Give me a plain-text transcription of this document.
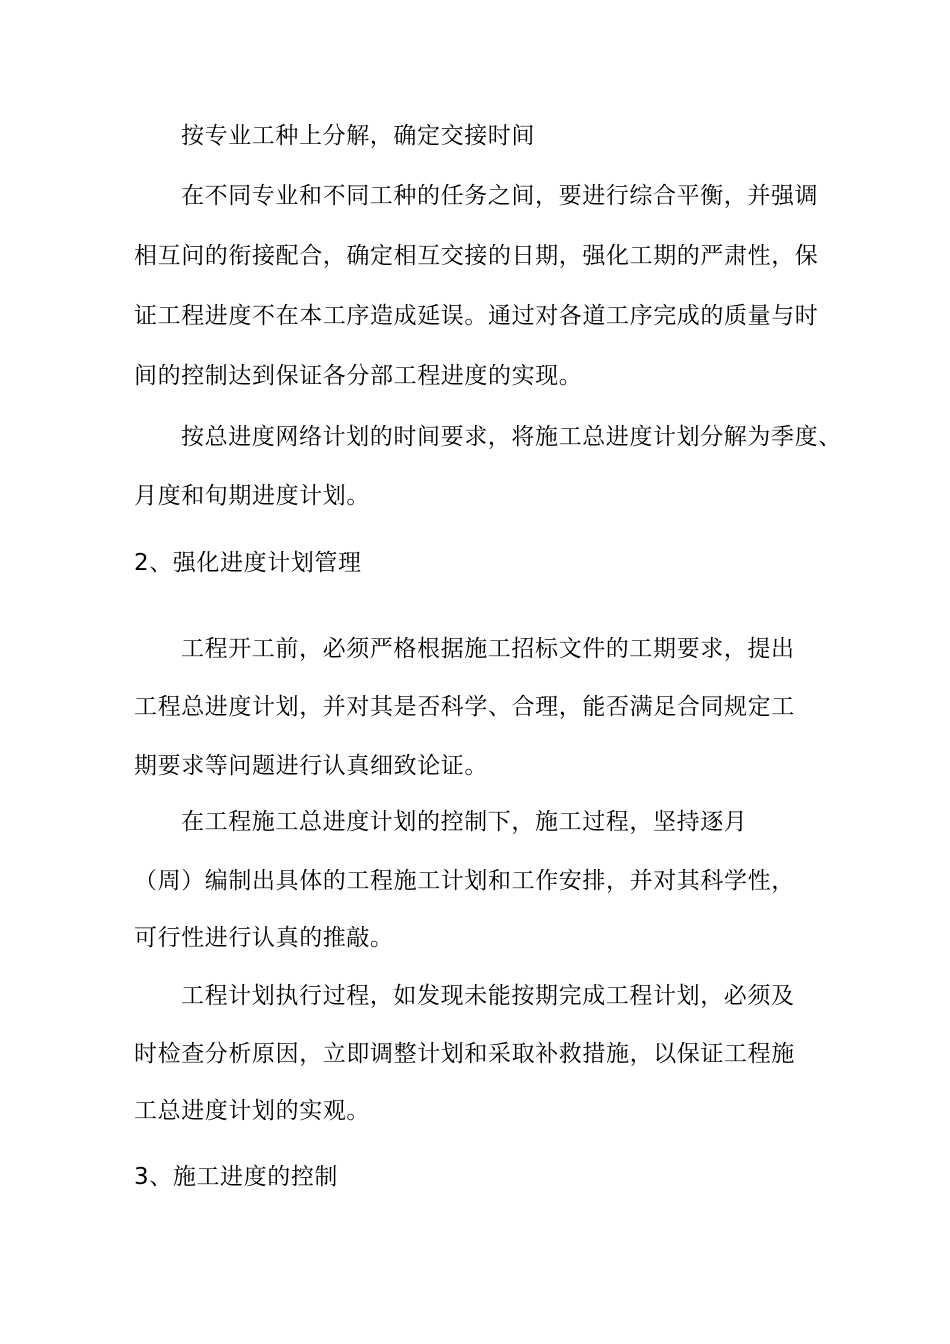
按专业工种上分解，确定交接时间

在不同专业和不同工种的任务之间，要进行综合平衡，并强调

相互问的衔接配合，确定相互交接的日期，强化工期的严肃性，保

证工程进度不在本工序造成延误。通过对各道工序完成的质量与时

间的控制达到保证各分部工程进度的实现。

按总进度网络计划的时间要求，将施工总进度计划分解为季度、

月度和旬期进度计划。

2、强化进度计划管理

工程开工前，必须严格根据施工招标文件的工期要求，提出

工程总进度计划，并对其是否科学、合理，能否满足合同规定工

期要求等问题进行认真细致论证。

在工程施工总进度计划的控制下，施工过程，坚持逐月

（周）编制出具体的工程施工计划和工作安排，并对其科学性，

可行性进行认真的推敲。

工程计划执行过程，如发现未能按期完成工程计划，必须及

时检查分析原因，立即调整计划和采取补救措施，以保证工程施

工总进度计划的实观。

3、施工进度的控制
